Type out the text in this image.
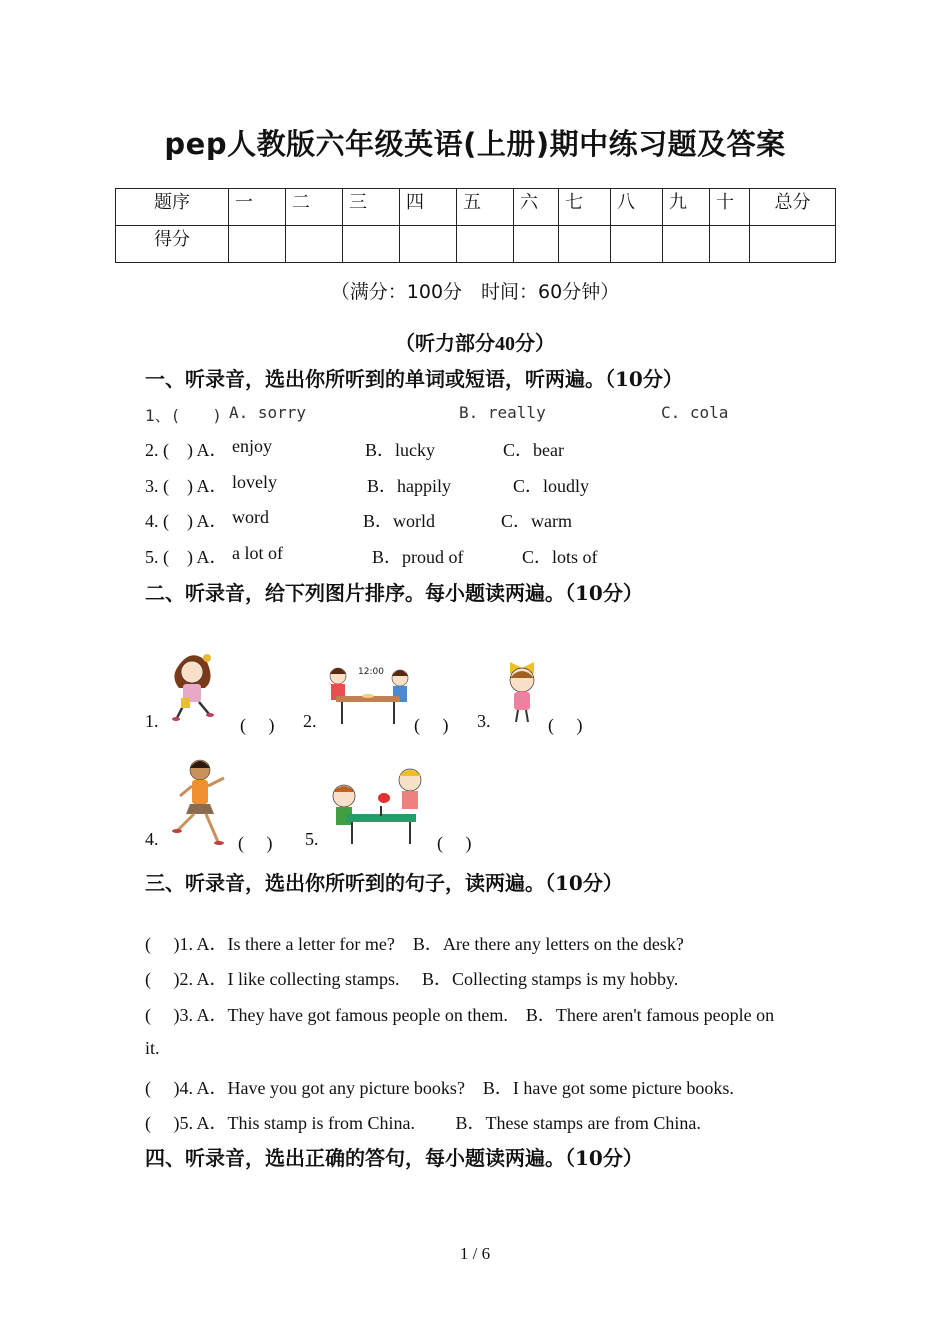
pep人教版六年级英语(上册)期中练习题及答案
题序	一	二	三	四	五	六	七	八	九	十	总分
得分											
（满分：100分　时间：60分钟）
（听力部分40分）
一、听录音，选出你所听到的单词或短语，听两遍。（10分）
1、(　　) A. sorry	B. really	C. cola
2. (　) A． enjoy	B．lucky	C．bear
3. (　) A． lovely	B．happily	C．loudly
4. (　) A． word	B．world	C．warm
5. (　) A． a lot of	B．proud of	C．lots of
二、听录音，给下列图片排序。每小题读两遍。（10分）
1.	(　 ) 2.
12:00
(　 ) 3.	(　 )
4.	(　 ) 5.	(　 )
三、听录音，选出你所听到的句子，读两遍。（10分）
(　 )1. A．Is there a letter for me?　B．Are there any letters on the desk?
(　 )2. A．I like collecting stamps.　 B．Collecting stamps is my hobby.
(　 )3. A．They have got famous people on them.　B．There aren't famous people on
it.
(　 )4. A．Have you got any picture books?　B．I have got some picture books.
(　 )5. A．This stamp is from China.　　 B．These stamps are from China.
四、听录音，选出正确的答句，每小题读两遍。（10分）
1 / 6
